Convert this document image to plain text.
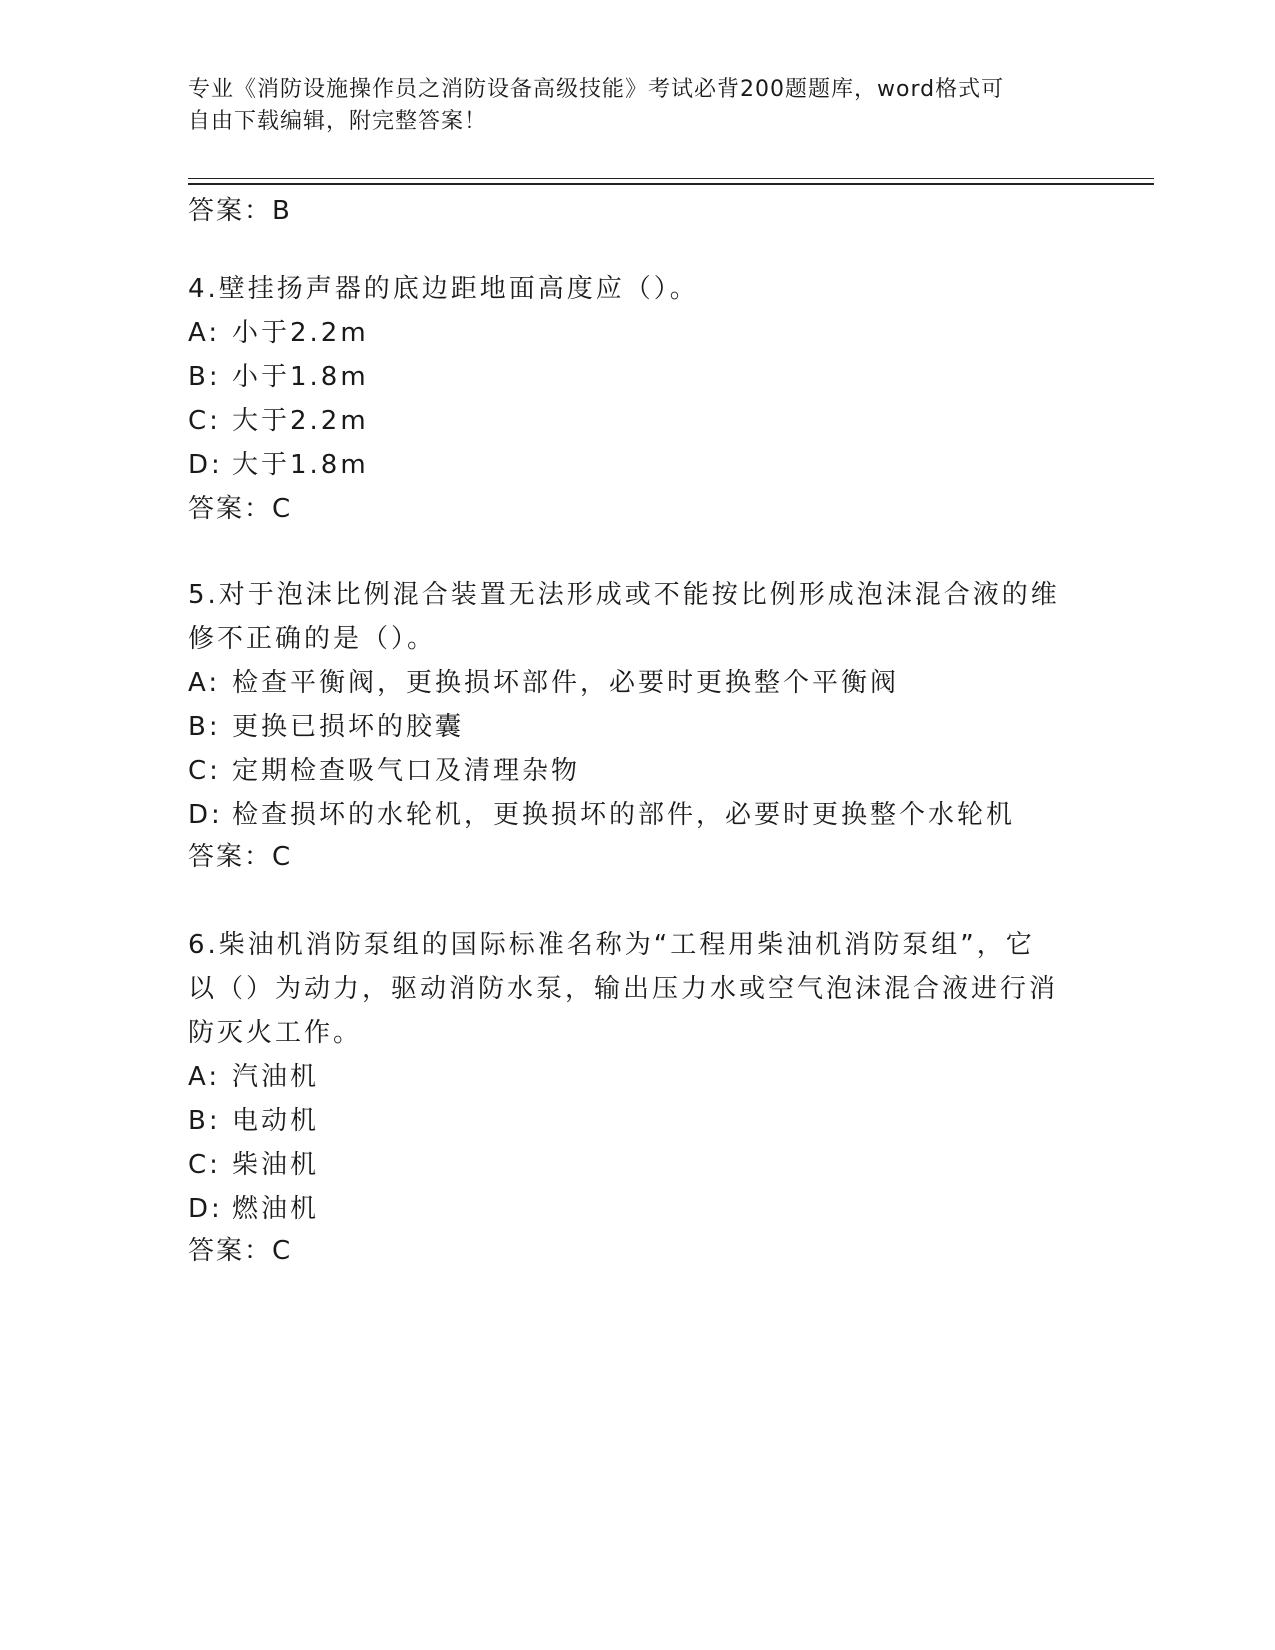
专业《消防设施操作员之消防设备高级技能》考试必背200题题库，word格式可
自由下载编辑，附完整答案！
答案：B
4.壁挂扬声器的底边距地面高度应（）。
A: 小于2.2m
B: 小于1.8m
C: 大于2.2m
D: 大于1.8m
答案：C
5.对于泡沫比例混合装置无法形成或不能按比例形成泡沫混合液的维
修不正确的是（）。
A: 检查平衡阀，更换损坏部件，必要时更换整个平衡阀
B: 更换已损坏的胶囊
C: 定期检查吸气口及清理杂物
D: 检查损坏的水轮机，更换损坏的部件，必要时更换整个水轮机
答案：C
6.柴油机消防泵组的国际标准名称为“工程用柴油机消防泵组”，它
以（）为动力，驱动消防水泵，输出压力水或空气泡沫混合液进行消
防灭火工作。
A: 汽油机
B: 电动机
C: 柴油机
D: 燃油机
答案：C
